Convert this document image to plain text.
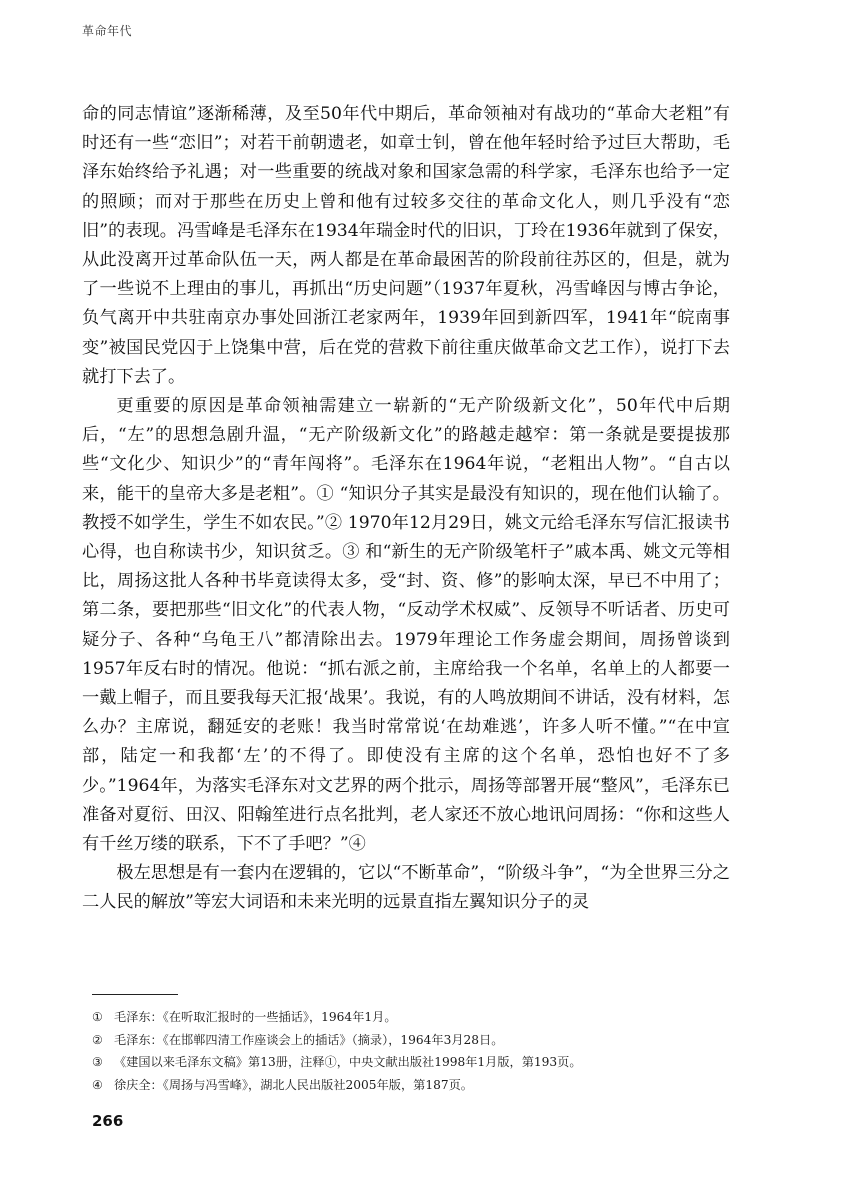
革命年代

命的同志情谊”逐渐稀薄，及至50年代中期后，革命领袖对有战功的“革命大老粗”有时还有一些“恋旧”；对若干前朝遗老，如章士钊，曾在他年轻时给予过巨大帮助，毛泽东始终给予礼遇；对一些重要的统战对象和国家急需的科学家，毛泽东也给予一定的照顾；而对于那些在历史上曾和他有过较多交往的革命文化人，则几乎没有“恋旧”的表现。冯雪峰是毛泽东在1934年瑞金时代的旧识，丁玲在1936年就到了保安，从此没离开过革命队伍一天，两人都是在革命最困苦的阶段前往苏区的，但是，就为了一些说不上理由的事儿，再抓出“历史问题”（1937年夏秋，冯雪峰因与博古争论，负气离开中共驻南京办事处回浙江老家两年，1939年回到新四军，1941年“皖南事变”被国民党囚于上饶集中营，后在党的营救下前往重庆做革命文艺工作），说打下去就打下去了。

更重要的原因是革命领袖需建立一崭新的“无产阶级新文化”，50年代中后期后，“左”的思想急剧升温，“无产阶级新文化”的路越走越窄：第一条就是要提拔那些“文化少、知识少”的“青年闯将”。毛泽东在1964年说，“老粗出人物”。“自古以来，能干的皇帝大多是老粗”。① “知识分子其实是最没有知识的，现在他们认输了。教授不如学生，学生不如农民。”② 1970年12月29日，姚文元给毛泽东写信汇报读书心得，也自称读书少，知识贫乏。③ 和“新生的无产阶级笔杆子”戚本禹、姚文元等相比，周扬这批人各种书毕竟读得太多，受“封、资、修”的影响太深，早已不中用了；第二条，要把那些“旧文化”的代表人物，“反动学术权威”、反领导不听话者、历史可疑分子、各种“乌龟王八”都清除出去。1979年理论工作务虚会期间，周扬曾谈到1957年反右时的情况。他说：“抓右派之前，主席给我一个名单，名单上的人都要一一戴上帽子，而且要我每天汇报‘战果’。我说，有的人鸣放期间不讲话，没有材料，怎么办？主席说，翻延安的老账！我当时常常说‘在劫难逃’，许多人听不懂。”“在中宣部，陆定一和我都‘左’的不得了。即使没有主席的这个名单，恐怕也好不了多少。”1964年，为落实毛泽东对文艺界的两个批示，周扬等部署开展“整风”，毛泽东已准备对夏衍、田汉、阳翰笙进行点名批判，老人家还不放心地讯问周扬：“你和这些人有千丝万缕的联系，下不了手吧？”④

极左思想是有一套内在逻辑的，它以“不断革命”，“阶级斗争”，“为全世界三分之二人民的解放”等宏大词语和未来光明的远景直指左翼知识分子的灵

① 毛泽东：《在听取汇报时的一些插话》，1964年1月。
② 毛泽东：《在邯郸四清工作座谈会上的插话》（摘录），1964年3月28日。
③ 《建国以来毛泽东文稿》第13册，注释①，中央文献出版社1998年1月版，第193页。
④ 徐庆全：《周扬与冯雪峰》，湖北人民出版社2005年版，第187页。
266
